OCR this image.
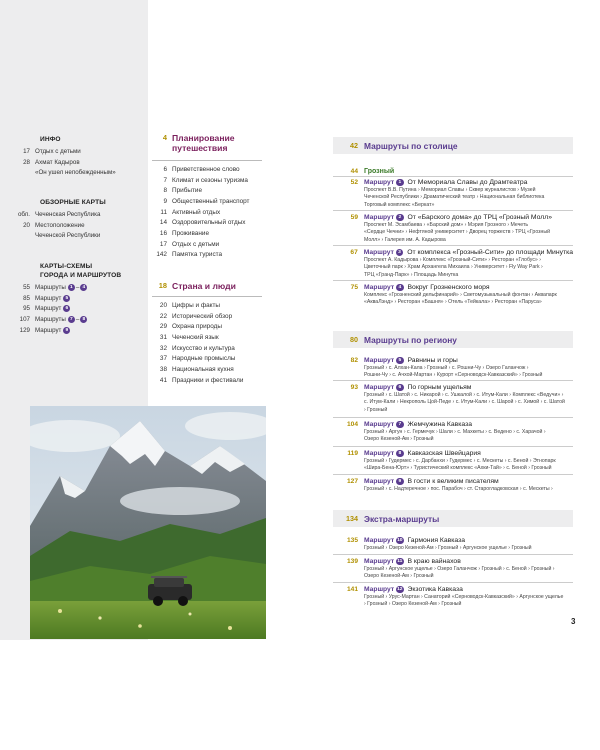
ИНФО
17 Отдых с детьми
28 Ахмат Кадыров
«Он ушел непобежденным»
ОБЗОРНЫЕ КАРТЫ
обл. Чеченская Республика
20 Местоположение
Чеченской Республики
КАРТЫ-СХЕМЫ
ГОРОДА И МАРШРУТОВ
55 Маршруты 1 – 4
85 Маршрут 5
95 Маршрут 6
107 Маршруты 7 – 8
129 Маршрут 9
4 Планирование
путешествия
6 Приветственное слово
7 Климат и сезоны туризма
8 Прибытие
9 Общественный транспорт
11 Активный отдых
14 Оздоровительный отдых
16 Проживание
17 Отдых с детьми
142 Памятка туриста
18 Страна и люди
20 Цифры и факты
22 Исторический обзор
29 Охрана природы
31 Чеченский язык
32 Искусство и культура
37 Народные промыслы
38 Национальная кухня
41 Праздники и фестивали
42 Маршруты по столице
44 Грозный
52 Маршрут 1 От Мемориала Славы до Драмтеатра
Проспект В.В. Путина › Мемориал Славы › Сквер журналистов › Музей
Чеченской Республики › Драматический театр › Национальная библиотека
Торговый комплекс «Беркат»
59 Маршрут 2 От «Барского дома» до ТРЦ «Грозный Молл»
Проспект М. Эсамбаева › «Барский дом» › Мэрия Грозного › Мечеть
«Сердце Чечни» › Нефтяной университет › Дворец торжеств › ТРЦ «Грозный
Молл» › Галерея им. А. Кадырова
67 Маршрут 3 От комплекса «Грозный-Сити» до площади Минутка
Проспект А. Кадырова › Комплекс «Грозный-Сити» › Ресторан «Глобус» ›
Цветочный парк › Храм Архангела Михаила › Университет › Fly Way Park ›
ТРЦ «Гранд-Парк» › Площадь Минутка
75 Маршрут 4 Вокруг Грозненского моря
Комплекс «Грозненский дельфинарий» › Светомузыкальный фонтан › Аквапарк
«АкваЛэнд» › Ресторан «Башня» › Отель «Тейкала» › Ресторан «Паруса»
80 Маршруты по региону
82 Маршрут 5 Равнины и горы
Грозный › с. Алхан-Кала › Грозный › с. Рошни-Чу › Озеро Галанчож ›
Рошни-Чу › с. Ачхой-Мартан › Курорт «Серноводск-Кавказский» › Грозный
93 Маршрут 6 По горным ущельям
Грозный › с. Шатой › с. Никарой › с. Ушкалой › с. Итум-Кали › Комплекс «Ведучи» ›
с. Итум-Кали › Некрополь Цой-Педе › с. Итум-Кали › с. Шарой › с. Химой › с. Шатой
› Грозный
104 Маршрут 7 Жемчужина Кавказа
Грозный › Аргун › с. Гермечук › Шали › с. Махкеты › с. Ведено › с. Харачой ›
Озеро Кезеной-Ам › Грозный
119 Маршрут 8 Кавказская Швейцария
Грозный › Гудермес › с. Дарбанхи › Гудермес › с. Мескеты › с. Беной › Этнопарк
«Шира-Бена-Юрт» › Туристический комплекс «Ахки-Тай» › с. Беной › Грозный
127 Маршрут 9 В гости к великим писателям
Грозный › с. Надтеречное › пос. Парабоч › ст. Старогладковская › с. Мескеты ›
134 Экстра-маршруты
135 Маршрут 10 Гармония Кавказа
Грозный › Озеро Кезеной-Ам › Грозный › Аргунское ущелье › Грозный
139 Маршрут 11 В краю вайнахов
Грозный › Аргунское ущелье › Озеро Галанчож › Грозный › с. Беной › Грозный ›
Озеро Кезеной-Ам › Грозный
141 Маршрут 12 Экзотика Кавказа
Грозный › Урус-Мартан › Санаторий «Серноводск-Кавказский» › Аргунское ущелье
› Грозный › Озеро Кезеной-Ам › Грозный
3
